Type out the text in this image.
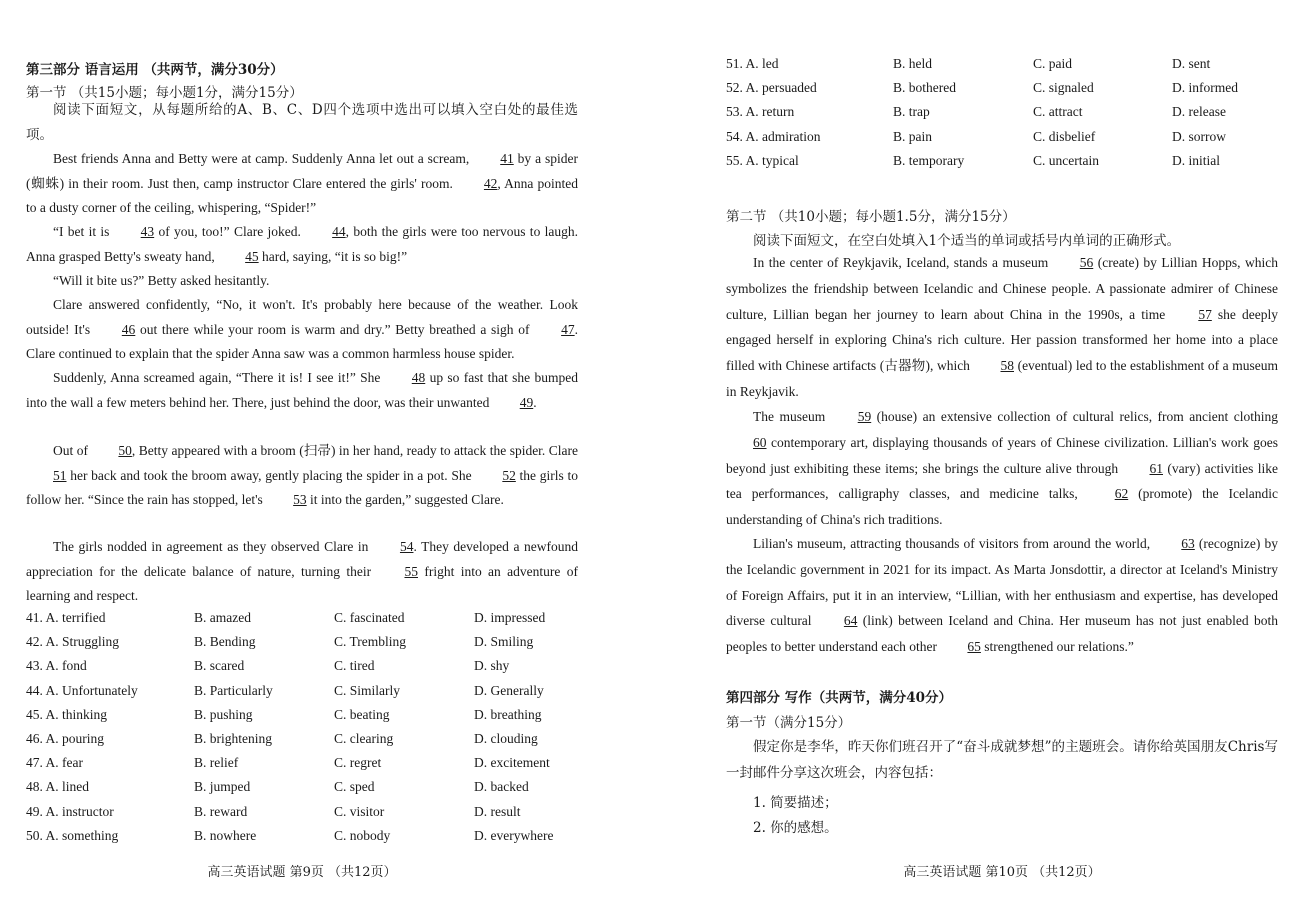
第三部分 语言运用 （共两节，满分30分）
第一节 （共15小题；每小题1分，满分15分）
阅读下面短文，从每题所给的A、B、C、D四个选项中选出可以填入空白处的最佳选项。
Best friends Anna and Betty were at camp. Suddenly Anna let out a scream, 41 by a spider (蜘蛛) in their room. Just then, camp instructor Clare entered the girls' room. 42, Anna pointed to a dusty corner of the ceiling, whispering, “Spider!”
“I bet it is 43 of you, too!” Clare joked. 44, both the girls were too nervous to laugh. Anna grasped Betty's sweaty hand, 45 hard, saying, “it is so big!”
“Will it bite us?” Betty asked hesitantly.
Clare answered confidently, “No, it won't. It's probably here because of the weather. Look outside! It's 46 out there while your room is warm and dry.” Betty breathed a sigh of 47. Clare continued to explain that the spider Anna saw was a common harmless house spider.
Suddenly, Anna screamed again, “There it is! I see it!” She 48 up so fast that she bumped into the wall a few meters behind her. There, just behind the door, was their unwanted 49.
Out of 50, Betty appeared with a broom (扫帚) in her hand, ready to attack the spider. Clare 51 her back and took the broom away, gently placing the spider in a pot. She 52 the girls to follow her. “Since the rain has stopped, let's 53 it into the garden,” suggested Clare.
The girls nodded in agreement as they observed Clare in 54. They developed a newfound appreciation for the delicate balance of nature, turning their 55 fright into an adventure of learning and respect.
41. A. terrified	B. amazed	C. fascinated	D. impressed
42. A. Struggling	B. Bending	C. Trembling	D. Smiling
43. A. fond	B. scared	C. tired	D. shy
44. A. Unfortunately	B. Particularly	C. Similarly	D. Generally
45. A. thinking	B. pushing	C. beating	D. breathing
46. A. pouring	B. brightening	C. clearing	D. clouding
47. A. fear	B. relief	C. regret	D. excitement
48. A. lined	B. jumped	C. sped	D. backed
49. A. instructor	B. reward	C. visitor	D. result
50. A. something	B. nowhere	C. nobody	D. everywhere
高三英语试题 第9页 （共12页）
51. A. led	B. held	C. paid	D. sent
52. A. persuaded	B. bothered	C. signaled	D. informed
53. A. return	B. trap	C. attract	D. release
54. A. admiration	B. pain	C. disbelief	D. sorrow
55. A. typical	B. temporary	C. uncertain	D. initial
第二节 （共10小题；每小题1.5分，满分15分）
阅读下面短文，在空白处填入1个适当的单词或括号内单词的正确形式。
In the center of Reykjavik, Iceland, stands a museum 56 (create) by Lillian Hopps, which symbolizes the friendship between Icelandic and Chinese people. A passionate admirer of Chinese culture, Lillian began her journey to learn about China in the 1990s, a time 57 she deeply engaged herself in exploring China's rich culture. Her passion transformed her home into a place filled with Chinese artifacts (古器物), which 58 (eventual) led to the establishment of a museum in Reykjavik.
The museum 59 (house) an extensive collection of cultural relics, from ancient clothing 60 contemporary art, displaying thousands of years of Chinese civilization. Lillian's work goes beyond just exhibiting these items; she brings the culture alive through 61 (vary) activities like tea performances, calligraphy classes, and medicine talks, 62 (promote) the Icelandic understanding of China's rich traditions.
Lilian's museum, attracting thousands of visitors from around the world, 63 (recognize) by the Icelandic government in 2021 for its impact. As Marta Jonsdottir, a director at Iceland's Ministry of Foreign Affairs, put it in an interview, “Lillian, with her enthusiasm and expertise, has developed diverse cultural 64 (link) between Iceland and China. Her museum has not just enabled both peoples to better understand each other 65 strengthened our relations.”
第四部分 写作（共两节，满分40分）
第一节（满分15分）
假定你是李华，昨天你们班召开了“奋斗成就梦想”的主题班会。请你给英国朋友Chris写一封邮件分享这次班会，内容包括：
1. 简要描述；
2. 你的感想。
高三英语试题 第10页 （共12页）
